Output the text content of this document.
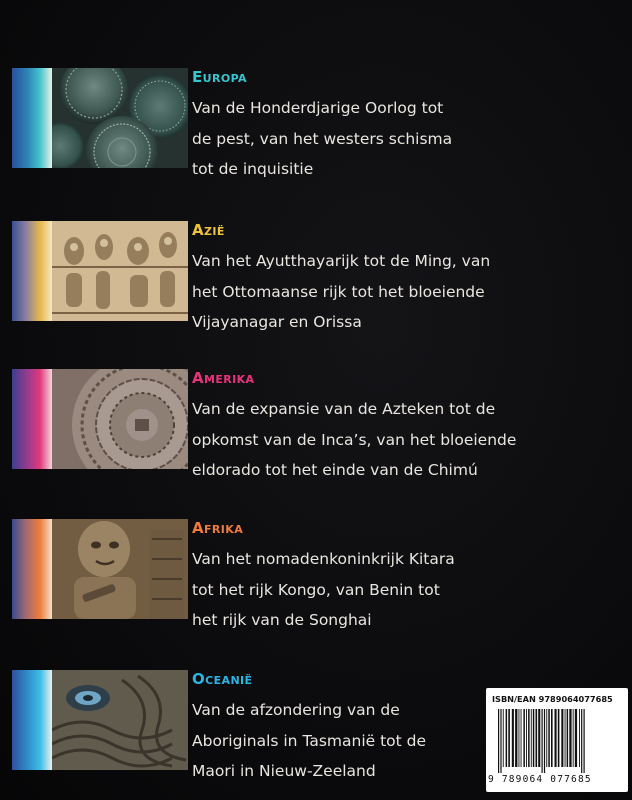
Europa
Van de Honderdjarige Oorlog tot
de pest, van het westers schisma
tot de inquisitie
Azië
Van het Ayutthayarijk tot de Ming, van
het Ottomaanse rijk tot het bloeiende
Vijayanagar en Orissa
Amerika
Van de expansie van de Azteken tot de
opkomst van de Inca’s, van het bloeiende
eldorado tot het einde van de Chimú
Afrika
Van het nomadenkoninkrijk Kitara
tot het rijk Kongo, van Benin tot
het rijk van de Songhai
Oceanië
Van de afzondering van de
Aboriginals in Tasmanië tot de
Maori in Nieuw-Zeeland
ISBN/EAN 9789064077685
9 789064 077685
